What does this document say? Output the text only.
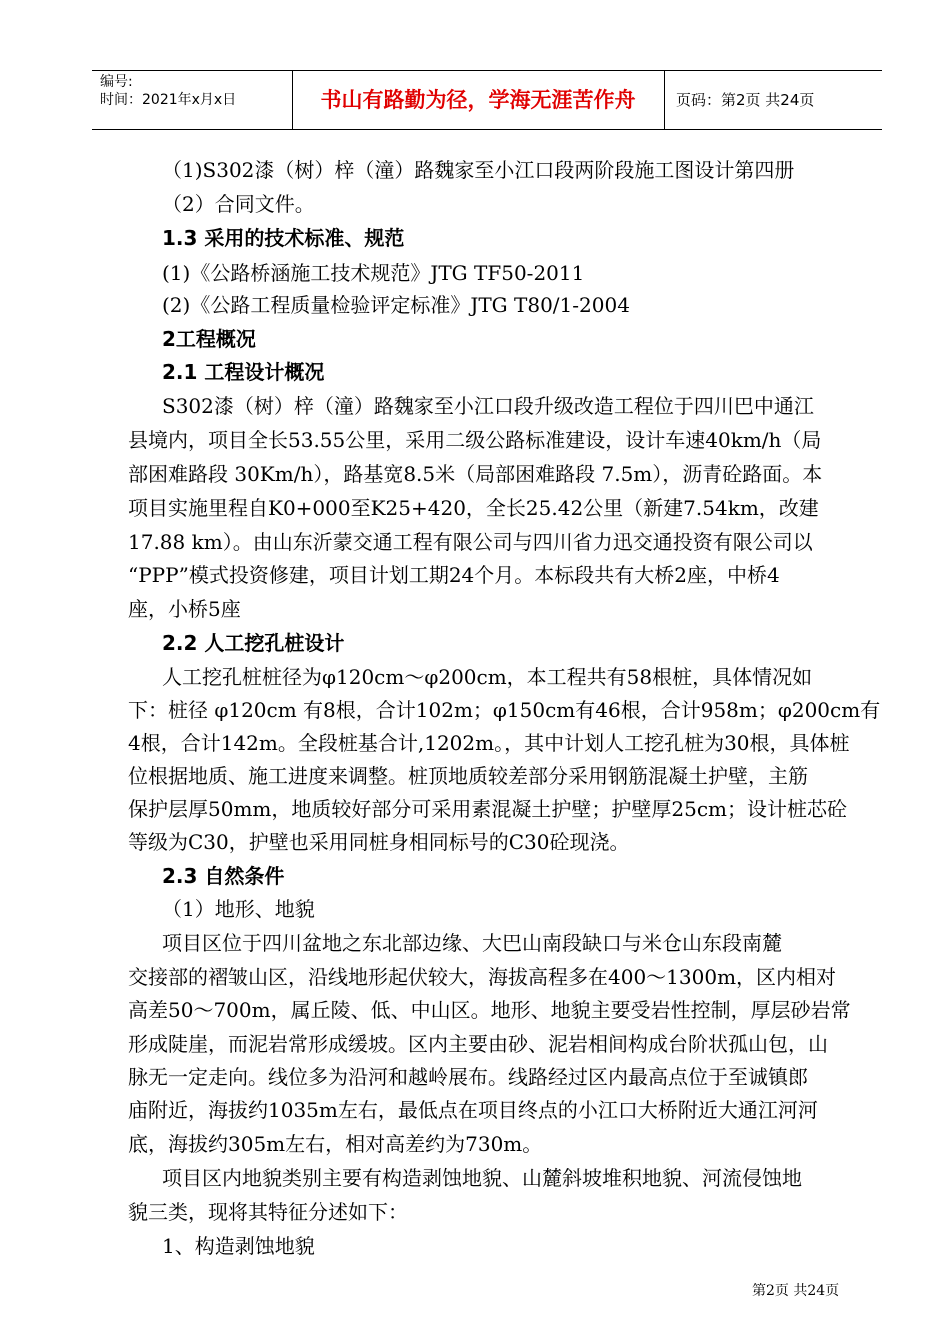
编号:
时间：2021年x月x日	书山有路勤为径，学海无涯苦作舟	页码：第2页 共24页
（1)S302漆（树）梓（潼）路魏家至小江口段两阶段施工图设计第四册
（2）合同文件。
1.3 采用的技术标准、规范
(1)《公路桥涵施工技术规范》JTG TF50-2011
(2)《公路工程质量检验评定标准》JTG T80/1-2004
2工程概况
2.1 工程设计概况
S302漆（树）梓（潼）路魏家至小江口段升级改造工程位于四川巴中通江
县境内，项目全长53.55公里，采用二级公路标准建设，设计车速40km/h（局
部困难路段 30Km/h），路基宽8.5米（局部困难路段 7.5m），沥青砼路面。本
项目实施里程自K0+000至K25+420，全长25.42公里（新建7.54km，改建
17.88 km）。由山东沂蒙交通工程有限公司与四川省力迅交通投资有限公司以
“PPP”模式投资修建，项目计划工期24个月。本标段共有大桥2座，中桥4
座，小桥5座
2.2 人工挖孔桩设计
人工挖孔桩桩径为φ120cm～φ200cm，本工程共有58根桩，具体情况如
下：桩径 φ120cm 有8根，合计102m；φ150cm有46根，合计958m；φ200cm有
4根，合计142m。全段桩基合计,1202m。，其中计划人工挖孔桩为30根，具体桩
位根据地质、施工进度来调整。桩顶地质较差部分采用钢筋混凝土护壁，主筋
保护层厚50mm，地质较好部分可采用素混凝土护壁；护壁厚25cm；设计桩芯砼
等级为C30，护壁也采用同桩身相同标号的C30砼现浇。
2.3 自然条件
（1）地形、地貌
项目区位于四川盆地之东北部边缘、大巴山南段缺口与米仓山东段南麓
交接部的褶皱山区，沿线地形起伏较大，海拔高程多在400～1300m，区内相对
高差50～700m，属丘陵、低、中山区。地形、地貌主要受岩性控制，厚层砂岩常
形成陡崖，而泥岩常形成缓坡。区内主要由砂、泥岩相间构成台阶状孤山包，山
脉无一定走向。线位多为沿河和越岭展布。线路经过区内最高点位于至诚镇郎
庙附近，海拔约1035m左右，最低点在项目终点的小江口大桥附近大通江河河
底，海拔约305m左右，相对高差约为730m。
项目区内地貌类别主要有构造剥蚀地貌、山麓斜坡堆积地貌、河流侵蚀地
貌三类，现将其特征分述如下：
1、构造剥蚀地貌
第2页 共24页
